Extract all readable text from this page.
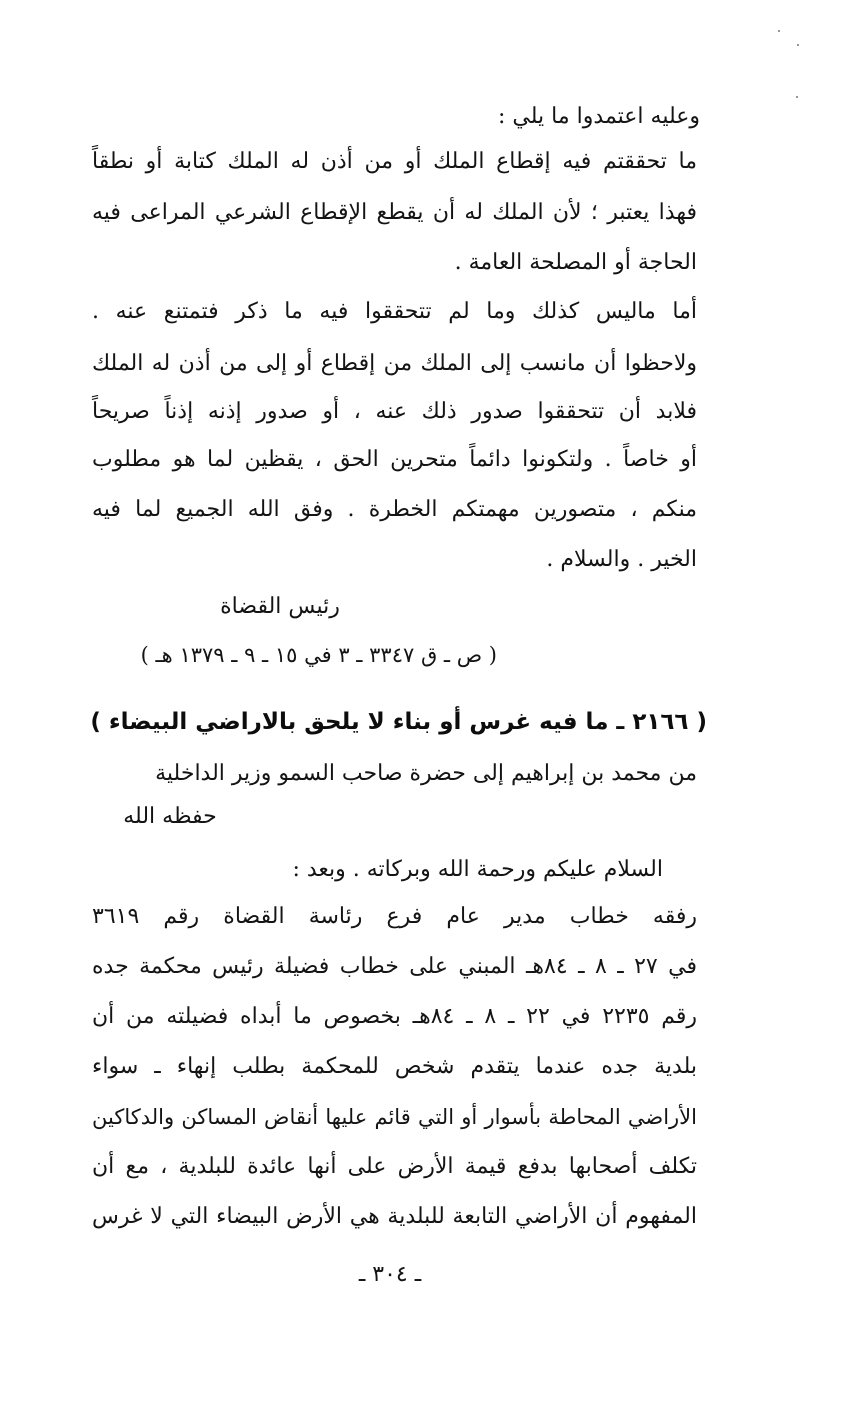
وعليه اعتمدوا ما يلي :
ما تحققتم فيه إقطاع الملك أو من أذن له الملك كتابة أو نطقاً
فهذا يعتبر ؛ لأن الملك له أن يقطع الإقطاع الشرعي المراعى فيه
الحاجة أو المصلحة العامة .
أما ماليس كذلك وما لم تتحققوا فيه ما ذكر فتمتنع عنه .
ولاحظوا أن مانسب إلى الملك من إقطاع أو إلى من أذن له الملك
فلابد أن تتحققوا صدور ذلك عنه ، أو صدور إذنه إذناً صريحاً
أو خاصاً . ولتكونوا دائماً متحرين الحق ، يقظين لما هو مطلوب
منكم ، متصورين مهمتكم الخطرة . وفق الله الجميع لما فيه
الخير . والسلام .
رئيس القضاة
( ص ـ ق ٣٣٤٧ ـ ٣ في ١٥ ـ ٩ ـ ١٣٧٩ هـ )
( ٢١٦٦ ـ ما فيه غرس أو بناء لا يلحق بالاراضي البيضاء )
من محمد بن إبراهيم إلى حضرة صاحب السمو وزير الداخلية
حفظه الله
السلام عليكم ورحمة الله وبركاته . وبعد :
رفقه خطاب مدير عام فرع رئاسة القضاة رقم ٣٦١٩
في ٢٧ ـ ٨ ـ ٨٤هـ المبني على خطاب فضيلة رئيس محكمة جده
رقم ٢٢٣٥ في ٢٢ ـ ٨ ـ ٨٤هـ بخصوص ما أبداه فضيلته من أن
بلدية جده عندما يتقدم شخص للمحكمة بطلب إنهاء ـ سواء
الأراضي المحاطة بأسوار أو التي قائم عليها أنقاض المساكن والدكاكين
تكلف أصحابها بدفع قيمة الأرض على أنها عائدة للبلدية ، مع أن
المفهوم أن الأراضي التابعة للبلدية هي الأرض البيضاء التي لا غرس
ـ ٣٠٤ ـ
